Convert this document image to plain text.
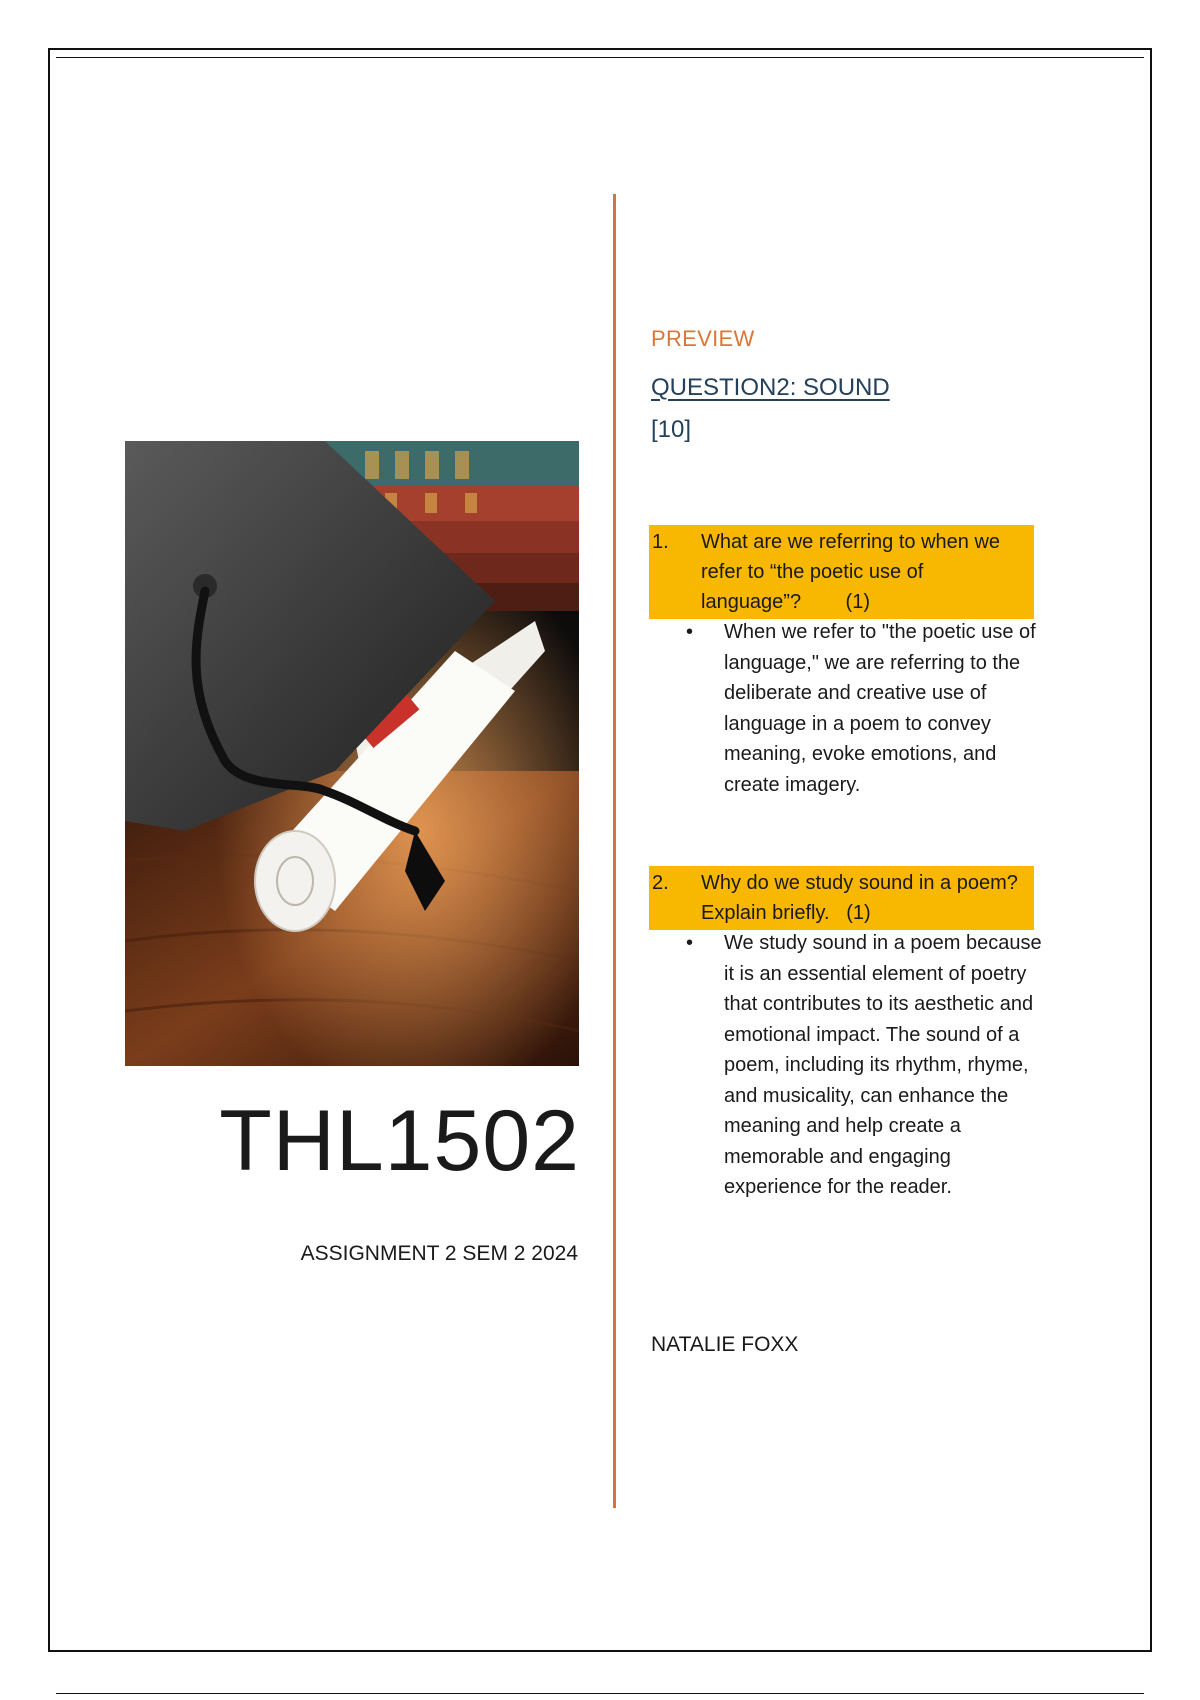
THL1502
ASSIGNMENT 2 SEM 2 2024
PREVIEW
QUESTION2: SOUND
[10]
1. What are we referring to when we refer to “the poetic use of language”?        (1)
• When we refer to "the poetic use of language," we are referring to the deliberate and creative use of language in a poem to convey meaning, evoke emotions, and create imagery.
2. Why do we study sound in a poem? Explain briefly.   (1)
• We study sound in a poem because it is an essential element of poetry that contributes to its aesthetic and emotional impact. The sound of a poem, including its rhythm, rhyme, and musicality, can enhance the meaning and help create a memorable and engaging experience for the reader.
NATALIE FOXX
